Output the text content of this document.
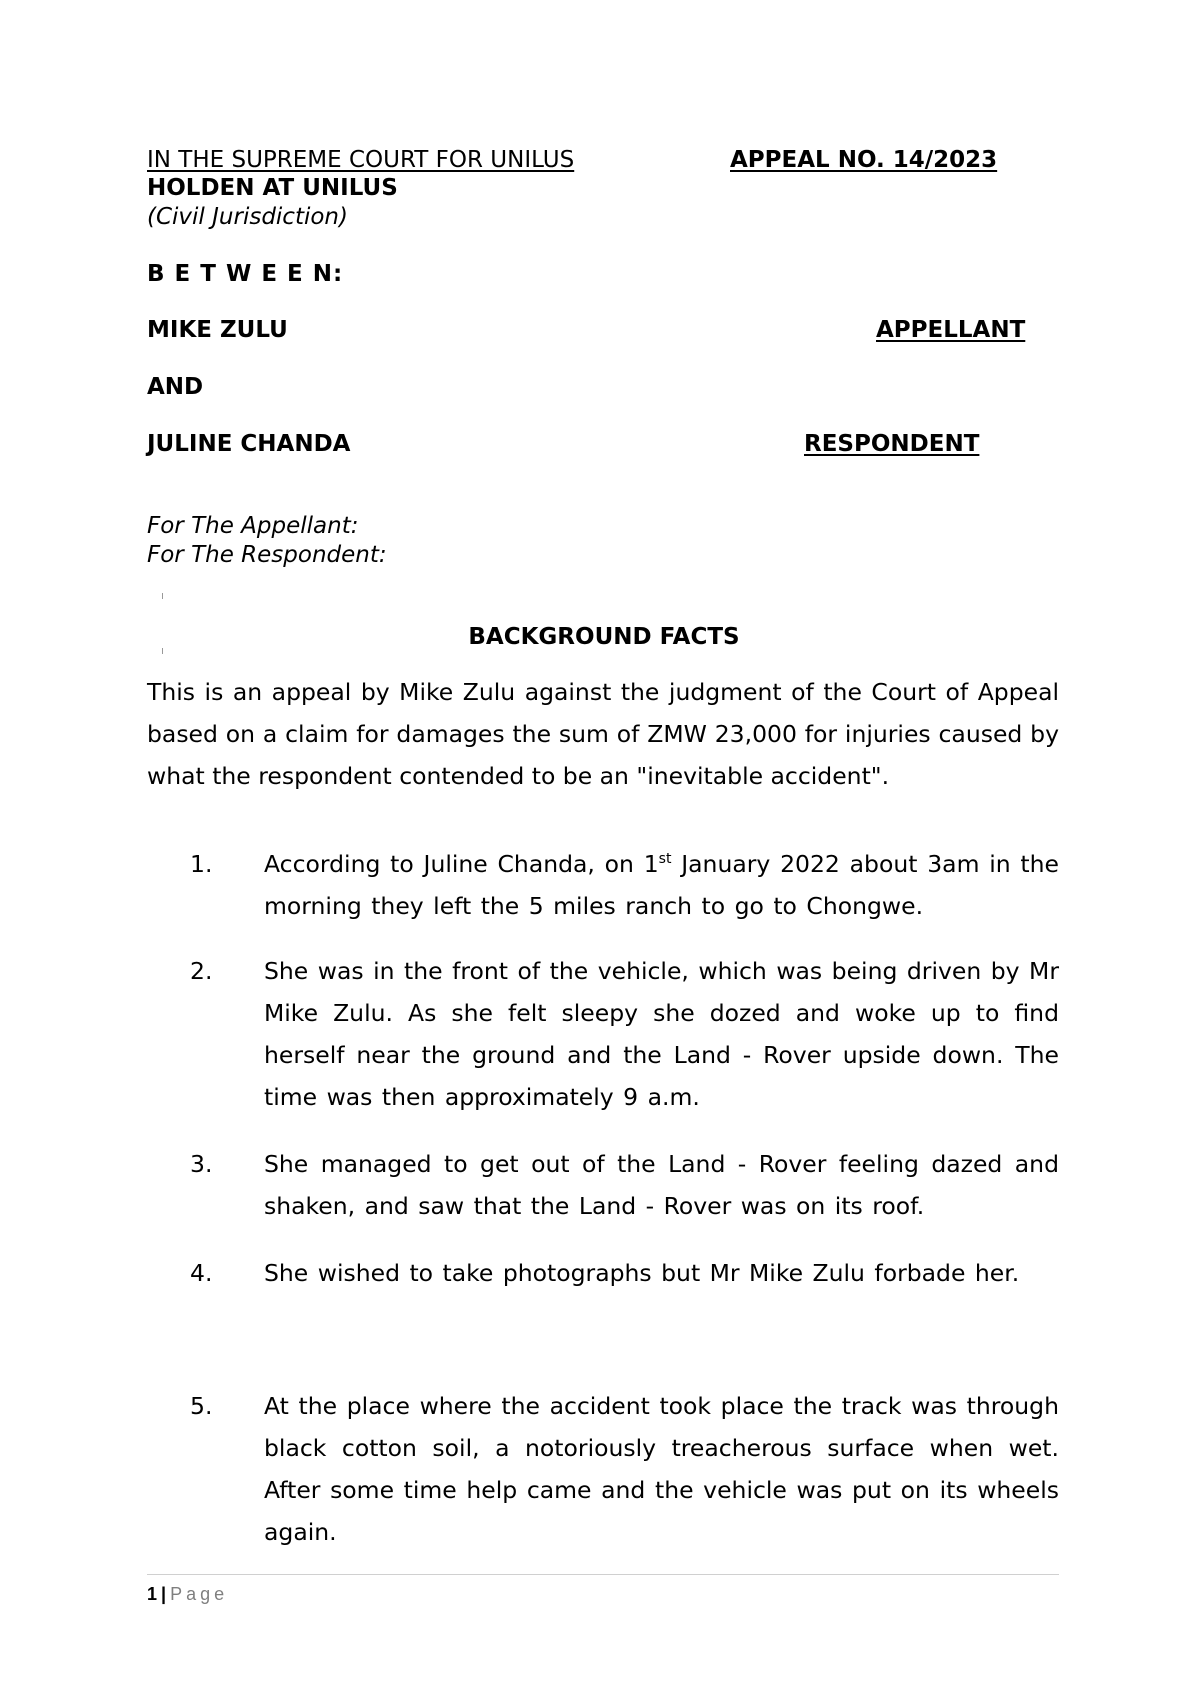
IN THE SUPREME COURT FOR UNILUS	APPEAL NO. 14/2023
HOLDEN AT UNILUS
(Civil Jurisdiction)
B E T W E E N:
MIKE ZULU	APPELLANT
AND
JULINE CHANDA	RESPONDENT
For The Appellant:
For The Respondent:
BACKGROUND FACTS
This is an appeal by Mike Zulu against the judgment of the Court of Appeal based on a claim for damages the sum of ZMW 23,000 for injuries caused by what the respondent contended to be an "inevitable accident".
1. According to Juline Chanda, on 1st January 2022 about 3am in the morning they left the 5 miles ranch to go to Chongwe.
2. She was in the front of the vehicle, which was being driven by Mr Mike Zulu. As she felt sleepy she dozed and woke up to find herself near the ground and the Land - Rover upside down. The time was then approximately 9 a.m.
3. She managed to get out of the Land - Rover feeling dazed and shaken, and saw that the Land - Rover was on its roof.
4. She wished to take photographs but Mr Mike Zulu forbade her.
5. At the place where the accident took place the track was through black cotton soil, a notoriously treacherous surface when wet. After some time help came and the vehicle was put on its wheels again.
1 | Page
